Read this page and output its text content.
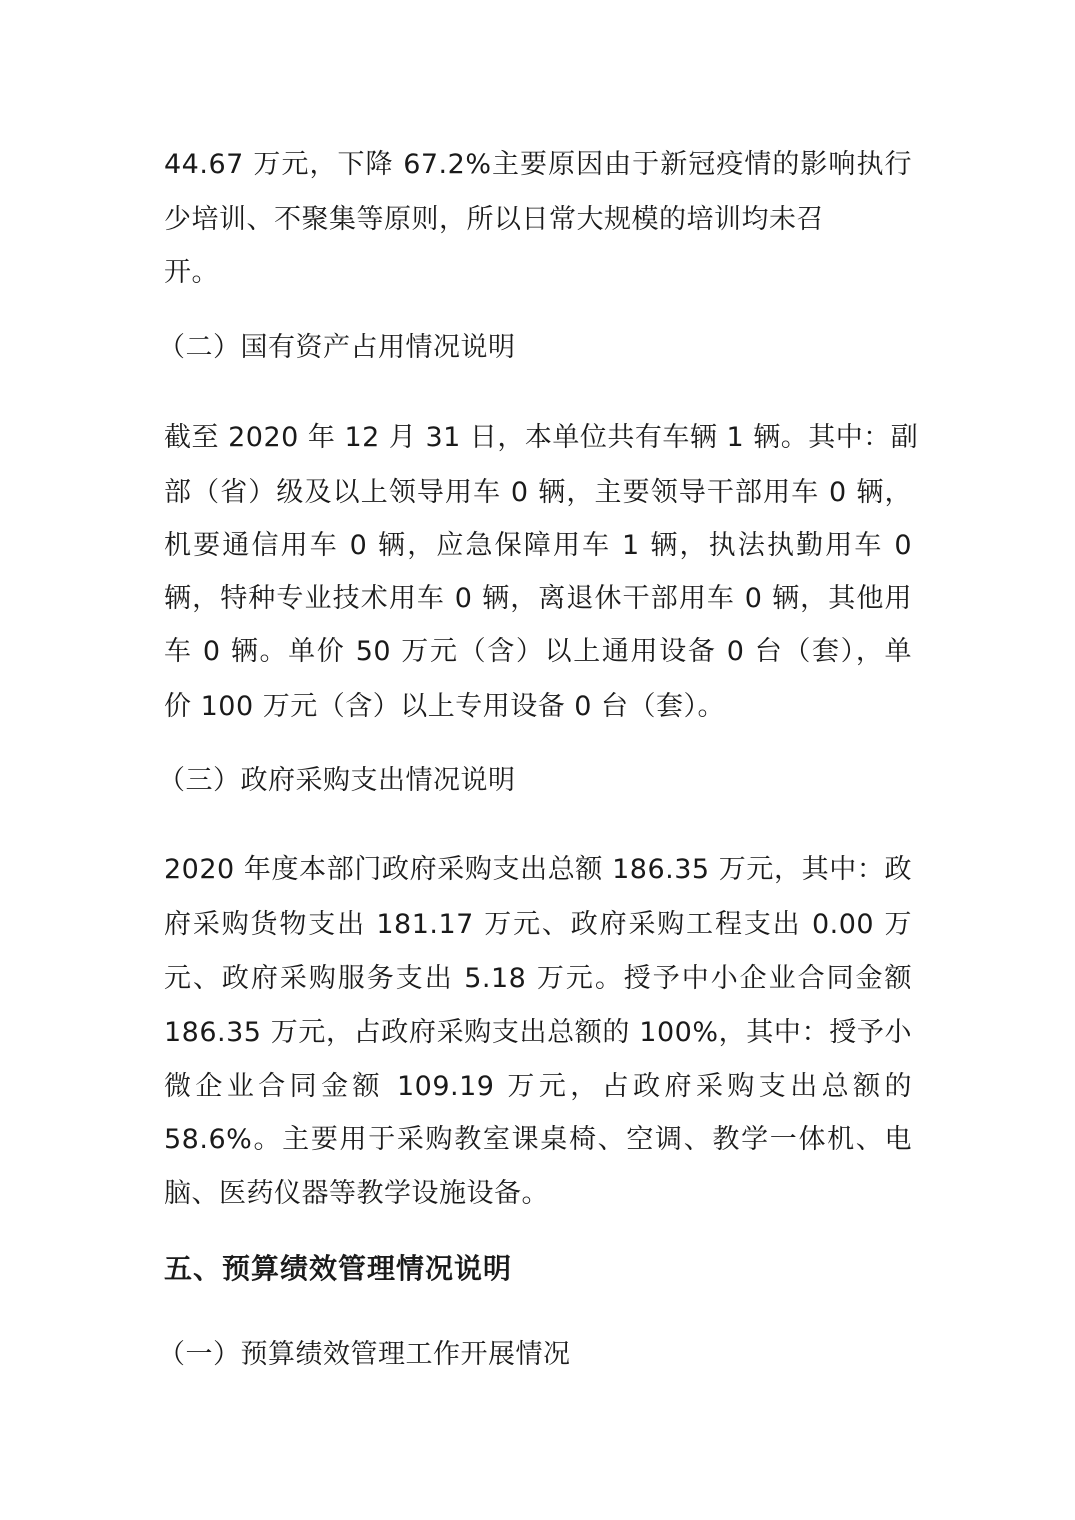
44.67 万元，下降 67.2%主要原因由于新冠疫情的影响执行
少培训、不聚集等原则，所以日常大规模的培训均未召
开。
（二）国有资产占用情况说明
截至 2020 年 12 月 31 日，本单位共有车辆 1 辆。其中：副
部（省）级及以上领导用车 0 辆，主要领导干部用车 0 辆，
机要通信用车 0 辆，应急保障用车 1 辆，执法执勤用车 0
辆，特种专业技术用车 0 辆，离退休干部用车 0 辆，其他用
车 0 辆。单价 50 万元（含）以上通用设备 0 台（套），单
价 100 万元（含）以上专用设备 0 台（套）。
（三）政府采购支出情况说明
2020 年度本部门政府采购支出总额 186.35 万元，其中：政
府采购货物支出 181.17 万元、政府采购工程支出 0.00 万
元、政府采购服务支出 5.18 万元。授予中小企业合同金额
186.35 万元，占政府采购支出总额的 100%，其中：授予小
微企业合同金额 109.19 万元，占政府采购支出总额的
58.6%。主要用于采购教室课桌椅、空调、教学一体机、电
脑、医药仪器等教学设施设备。
五、预算绩效管理情况说明
（一）预算绩效管理工作开展情况
